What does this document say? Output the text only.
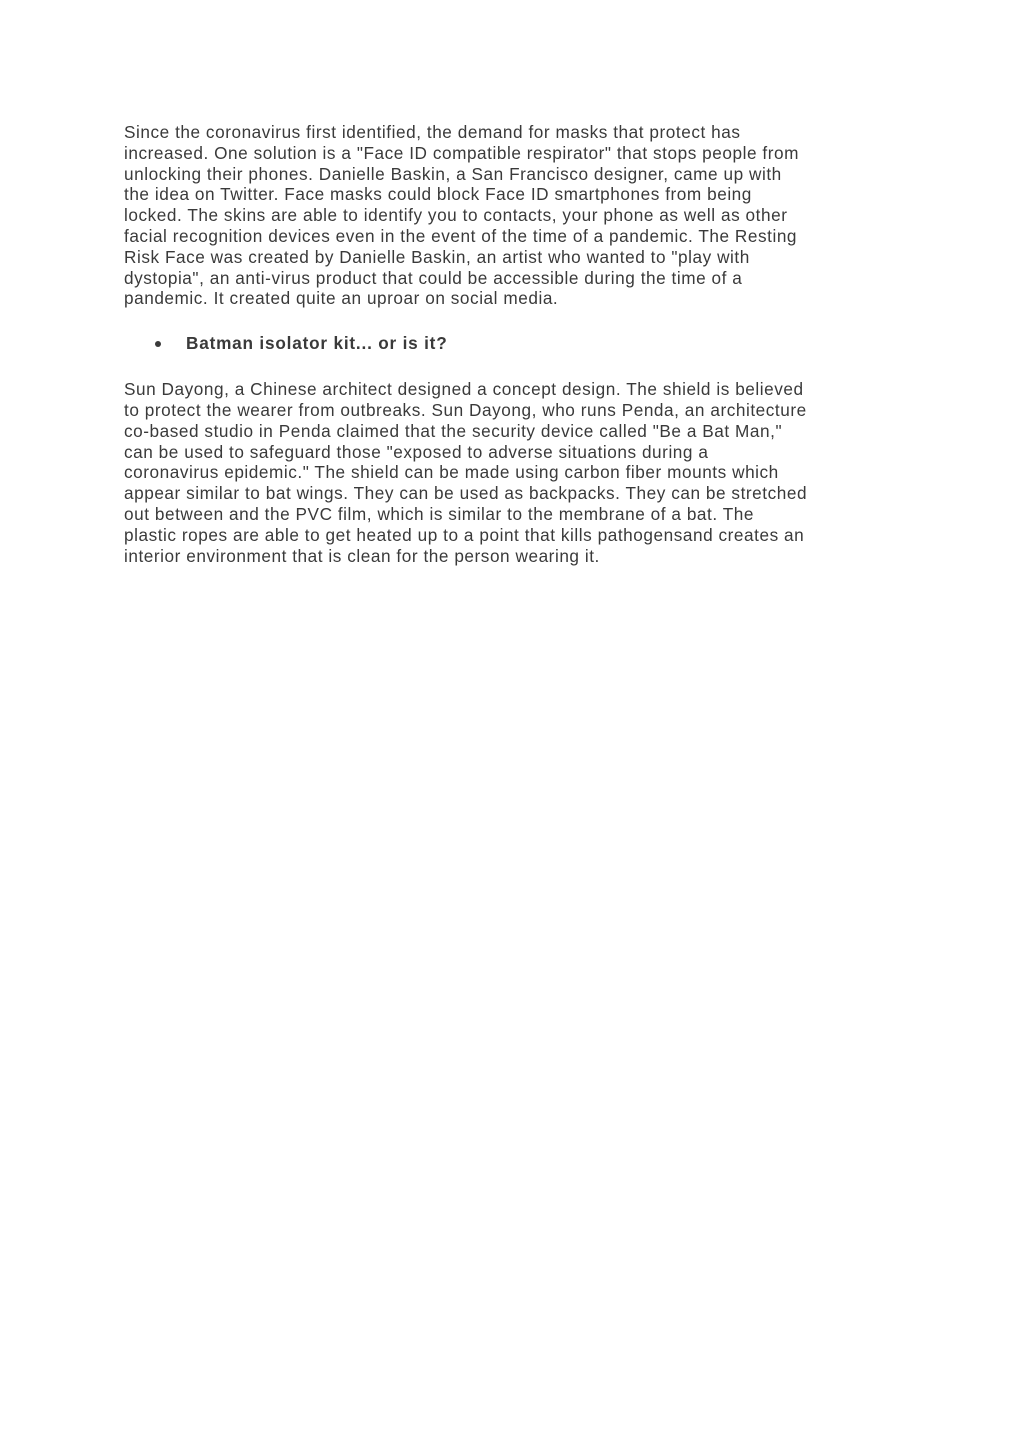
Since the coronavirus first identified, the demand for masks that protect has
increased. One solution is a "Face ID compatible respirator" that stops people from
unlocking their phones. Danielle Baskin, a San Francisco designer, came up with
the idea on Twitter. Face masks could block Face ID smartphones from being
locked. The skins are able to identify you to contacts, your phone as well as other
facial recognition devices even in the event of the time of a pandemic. The Resting
Risk Face was created by Danielle Baskin, an artist who wanted to "play with
dystopia", an anti-virus product that could be accessible during the time of a
pandemic. It created quite an uproar on social media.
Batman isolator kit... or is it?
Sun Dayong, a Chinese architect designed a concept design. The shield is believed
to protect the wearer from outbreaks. Sun Dayong, who runs Penda, an architecture
co-based studio in Penda claimed that the security device called "Be a Bat Man,"
can be used to safeguard those "exposed to adverse situations during a
coronavirus epidemic." The shield can be made using carbon fiber mounts which
appear similar to bat wings. They can be used as backpacks. They can be stretched
out between and the PVC film, which is similar to the membrane of a bat. The
plastic ropes are able to get heated up to a point that kills pathogensand creates an
interior environment that is clean for the person wearing it.
